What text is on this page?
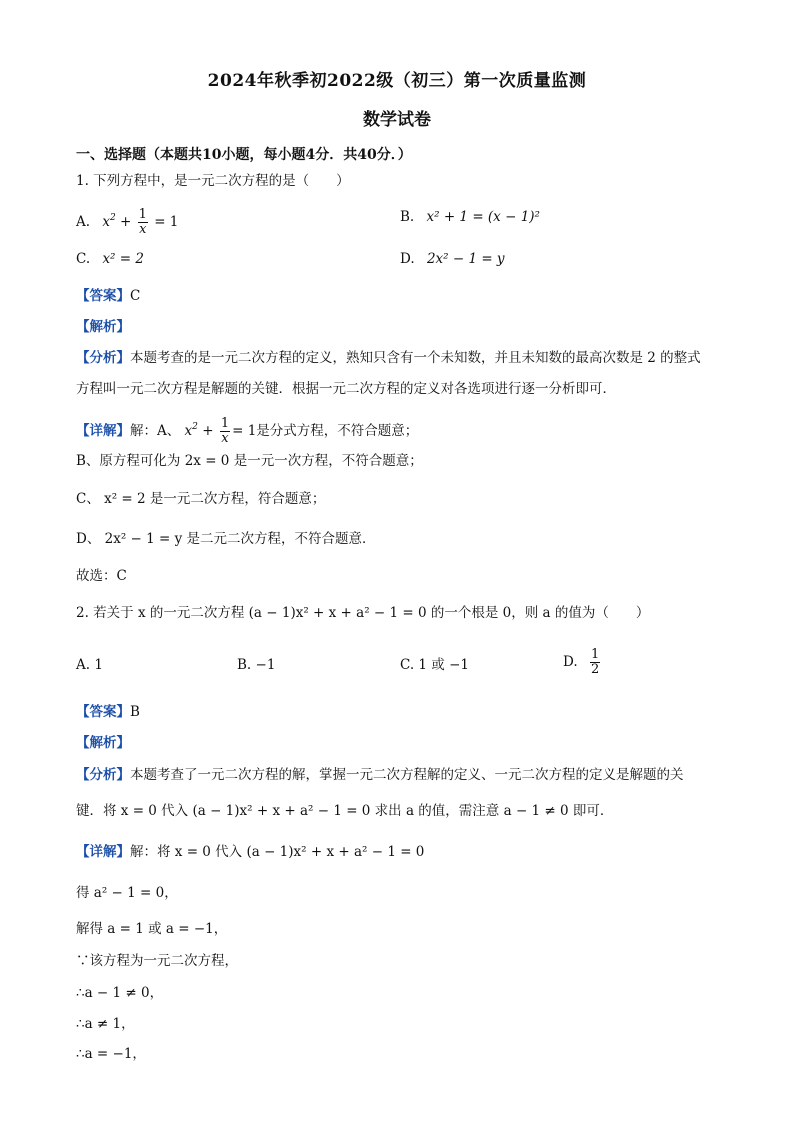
2024年秋季初2022级（初三）第一次质量监测
数学试卷
一、选择题（本题共10小题，每小题4分．共40分．）
1. 下列方程中，是一元二次方程的是（　　）
A. $x^2 + \frac{1}{x} = 1$	B. x² + 1 = (x − 1)²
C. x² = 2	D. 2x² − 1 = y
【答案】C
【解析】
【分析】本题考查的是一元二次方程的定义，熟知只含有一个未知数，并且未知数的最高次数是 2 的整式
方程叫一元二次方程是解题的关键．根据一元二次方程的定义对各选项进行逐一分析即可．
【详解】解：A、 $x^2 + \frac{1}{x} = 1$是分式方程，不符合题意；
B、原方程可化为 2x = 0 是一元一次方程，不符合题意；
C、 x² = 2 是一元二次方程，符合题意；
D、 2x² − 1 = y 是二元二次方程，不符合题意．
故选：C
2. 若关于 x 的一元二次方程 (a − 1)x² + x + a² − 1 = 0 的一个根是 0，则 a 的值为（　　）
A. 1	B. −1	C. 1 或 −1	D. $\frac{1}{2}$
【答案】B
【解析】
【分析】本题考查了一元二次方程的解，掌握一元二次方程解的定义、一元二次方程的定义是解题的关
键．将 x = 0 代入 (a − 1)x² + x + a² − 1 = 0 求出 a 的值，需注意 a − 1 ≠ 0 即可．
【详解】解：将 x = 0 代入 (a − 1)x² + x + a² − 1 = 0
得 a² − 1 = 0，
解得 a = 1 或 a = −1，
∵该方程为一元二次方程，
∴a − 1 ≠ 0，
∴a ≠ 1，
∴a = −1，
